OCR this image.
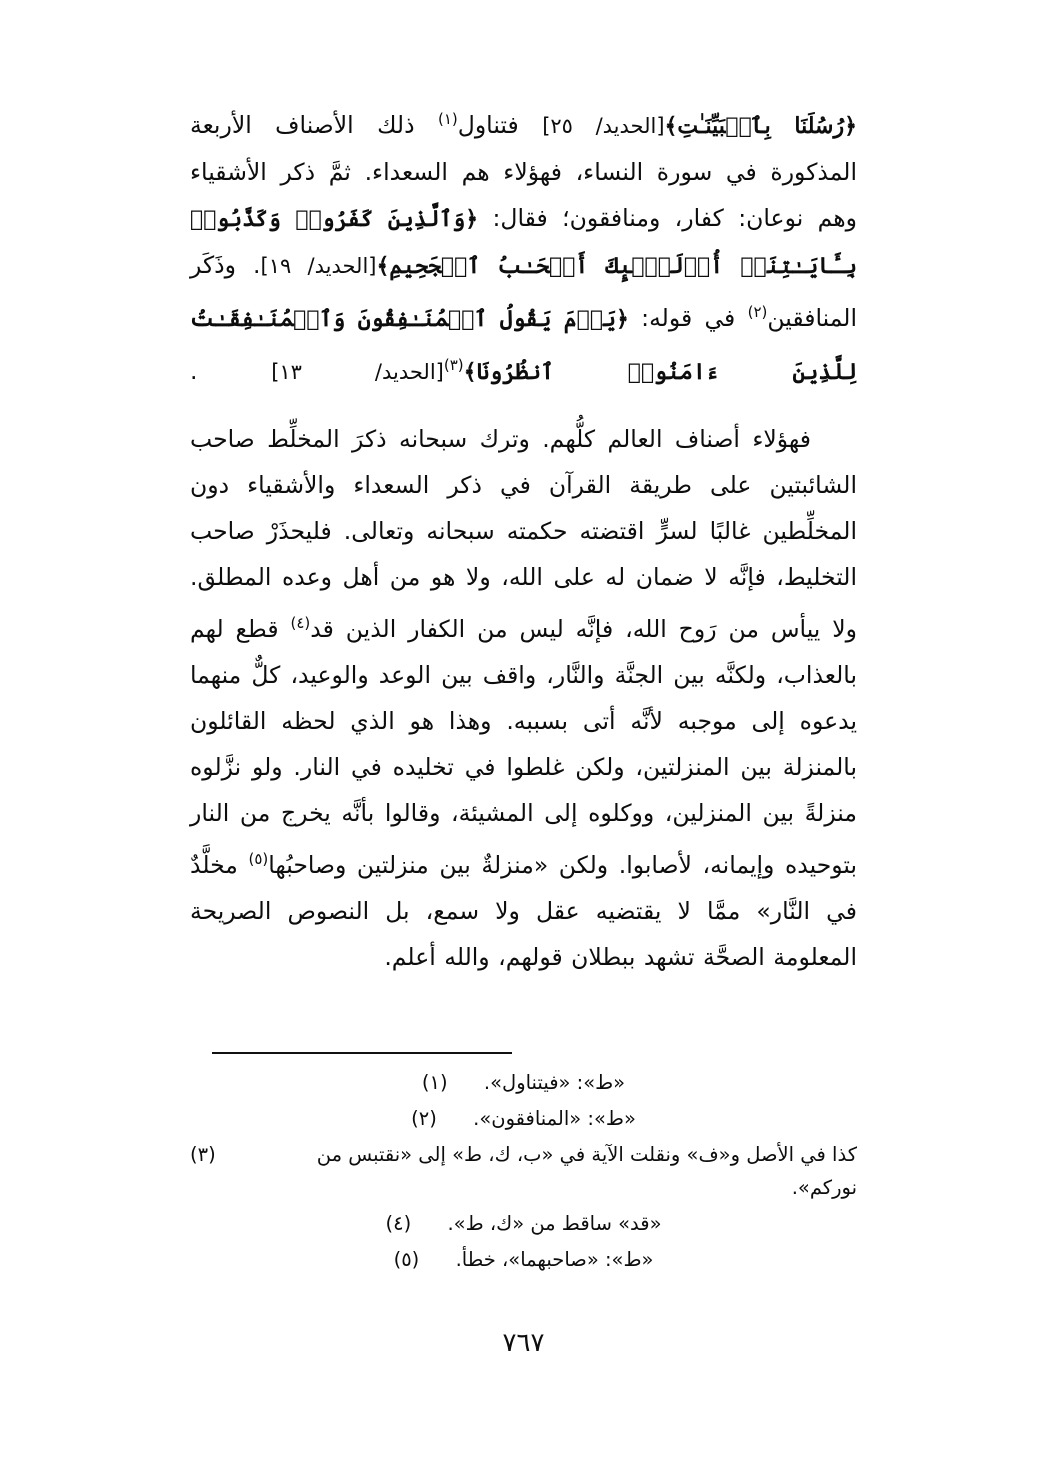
﴿رُسُلَنَا بِٱلۡبَیِّنَـٰتِ﴾[الحديد/ ٢٥] فتناول$^{(١)}$ ذلك الأصناف الأربعة المذكورة في سورة النساء، فهؤلاء هم السعداء. ثمَّ ذكر الأشقياء وهم نوعان: كفار، ومنافقون؛ فقال: ﴿وَٱلَّذِینَ كَفَرُوا۟ وَكَذَّبُوا۟ بِـَٔایَـٰتِنَاۤ أُو۟لَـٰۤىِٕكَ أَصۡحَـٰبُ ٱلۡجَحِیمِ﴾[الحديد/ ١٩]. وذَكَر المنافقين$^{(٢)}$ في قوله: ﴿یَوۡمَ یَقُولُ ٱلۡمُنَـٰفِقُونَ وَٱلۡمُنَـٰفِقَـٰتُ لِلَّذِینَ ءَامَنُوا۟ ٱنظُرُونَا﴾$^{(٣)}$[الحديد/ ١٣] .

فهؤلاء أصناف العالم كلُّهم. وترك سبحانه ذكرَ المخلِّط صاحب الشائبتين على طريقة القرآن في ذكر السعداء والأشقياء دون المخلِّطين غالبًا لسرٍّ اقتضته حكمته سبحانه وتعالى. فليحذَرْ صاحب التخليط، فإنَّه لا ضمان له على الله، ولا هو من أهل وعده المطلق. ولا ييأس من رَوح الله، فإنَّه ليس من الكفار الذين قد$^{(٤)}$ قطع لهم بالعذاب، ولكنَّه بين الجنَّة والنَّار، واقف بين الوعد والوعيد، كلٌّ منهما يدعوه إلى موجبه لأنَّه أتى بسببه. وهذا هو الذي لحظه القائلون بالمنزلة بين المنزلتين، ولكن غلطوا في تخليده في النار. ولو نزَّلوه منزلةً بين المنزلين، ووكلوه إلى المشيئة، وقالوا بأنَّه يخرج من النار بتوحيده وإيمانه، لأصابوا. ولكن «منزلةٌ بين منزلتين وصاحبُها$^{(٥)}$ مخلَّدٌ في النَّار» ممَّا لا يقتضيه عقل ولا سمع، بل النصوص الصريحة المعلومة الصحَّة تشهد ببطلان قولهم، والله أعلم.

«ط»: «فيتناول».
(١)
«ط»: «المنافقون».
(٢)
كذا في الأصل و«ف» ونقلت الآية في «ب، ك، ط» إلى «نقتبس من نوركم».
(٣)
«قد» ساقط من «ك، ط».
(٤)
«ط»: «صاحبهما»، خطأ.
(٥)
٧٦٧
